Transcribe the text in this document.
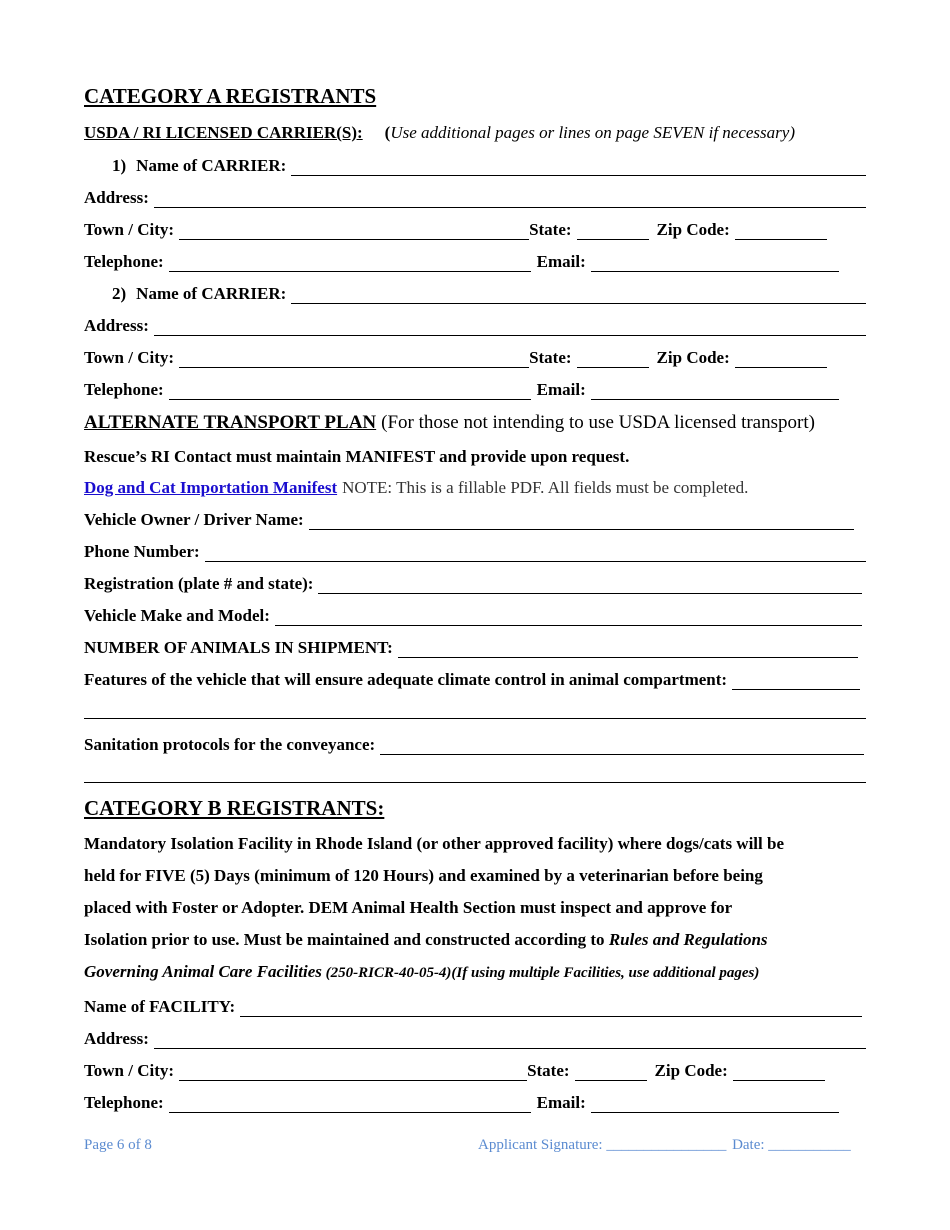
CATEGORY A REGISTRANTS
USDA / RI LICENSED CARRIER(S): ( Use additional pages or lines on page SEVEN if necessary)
1) Name of CARRIER:
Address:
Town / City:	State:	Zip Code:
Telephone:	Email:
2) Name of CARRIER:
Address:
Town / City:	State:	Zip Code:
Telephone:	Email:
ALTERNATE TRANSPORT PLAN (For those not intending to use USDA licensed transport)
Rescue’s RI Contact must maintain MANIFEST and provide upon request.
Dog and Cat Importation Manifest NOTE: This is a fillable PDF. All fields must be completed.
Vehicle Owner / Driver Name:
Phone Number:
Registration (plate # and state):
Vehicle Make and Model:
NUMBER OF ANIMALS IN SHIPMENT:
Features of the vehicle that will ensure adequate climate control in animal compartment:
Sanitation protocols for the conveyance:
CATEGORY B REGISTRANTS:
Mandatory Isolation Facility in Rhode Island (or other approved facility) where dogs/cats will be
held for FIVE (5) Days (minimum of 120 Hours) and examined by a veterinarian before being
placed with Foster or Adopter. DEM Animal Health Section must inspect and approve for
Isolation prior to use. Must be maintained and constructed according to Rules and Regulations
Governing Animal Care Facilities (250-RICR-40-05-4)(If using multiple Facilities, use additional pages)
Name of FACILITY:
Address:
Town / City:	State:	Zip Code:
Telephone:	Email:
Page 6 of 8	Applicant Signature: ________________ Date: ___________
